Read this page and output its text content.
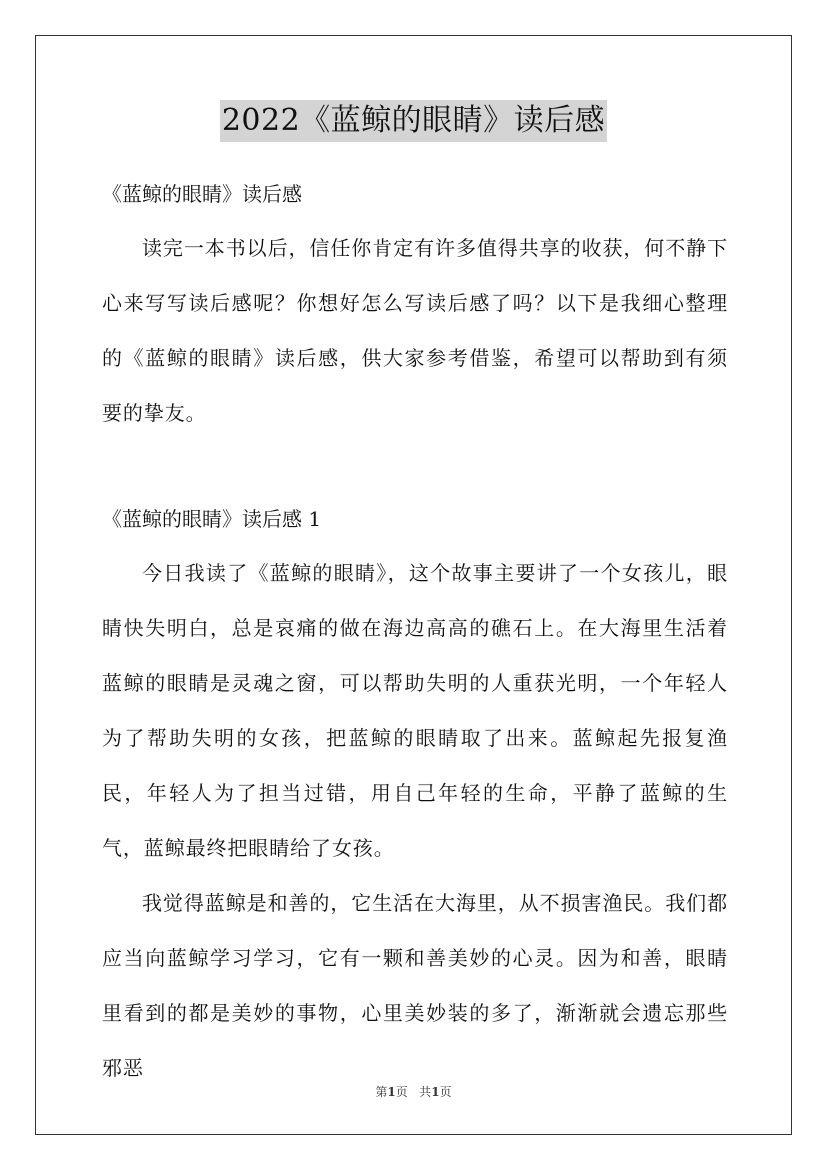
2022《蓝鲸的眼睛》读后感

《蓝鲸的眼睛》读后感

读完一本书以后，信任你肯定有许多值得共享的收获，何不静下心来写写读后感呢？你想好怎么写读后感了吗？以下是我细心整理的《蓝鲸的眼睛》读后感，供大家参考借鉴，希望可以帮助到有须要的挚友。

《蓝鲸的眼睛》读后感 1

今日我读了《蓝鲸的眼睛》，这个故事主要讲了一个女孩儿，眼睛快失明白，总是哀痛的做在海边高高的礁石上。在大海里生活着蓝鲸的眼睛是灵魂之窗，可以帮助失明的人重获光明，一个年轻人为了帮助失明的女孩，把蓝鲸的眼睛取了出来。蓝鲸起先报复渔民，年轻人为了担当过错，用自己年轻的生命，平静了蓝鲸的生气，蓝鲸最终把眼睛给了女孩。

我觉得蓝鲸是和善的，它生活在大海里，从不损害渔民。我们都应当向蓝鲸学习学习，它有一颗和善美妙的心灵。因为和善，眼睛里看到的都是美妙的事物，心里美妙装的多了，渐渐就会遗忘那些邪恶

第1页 共1页
